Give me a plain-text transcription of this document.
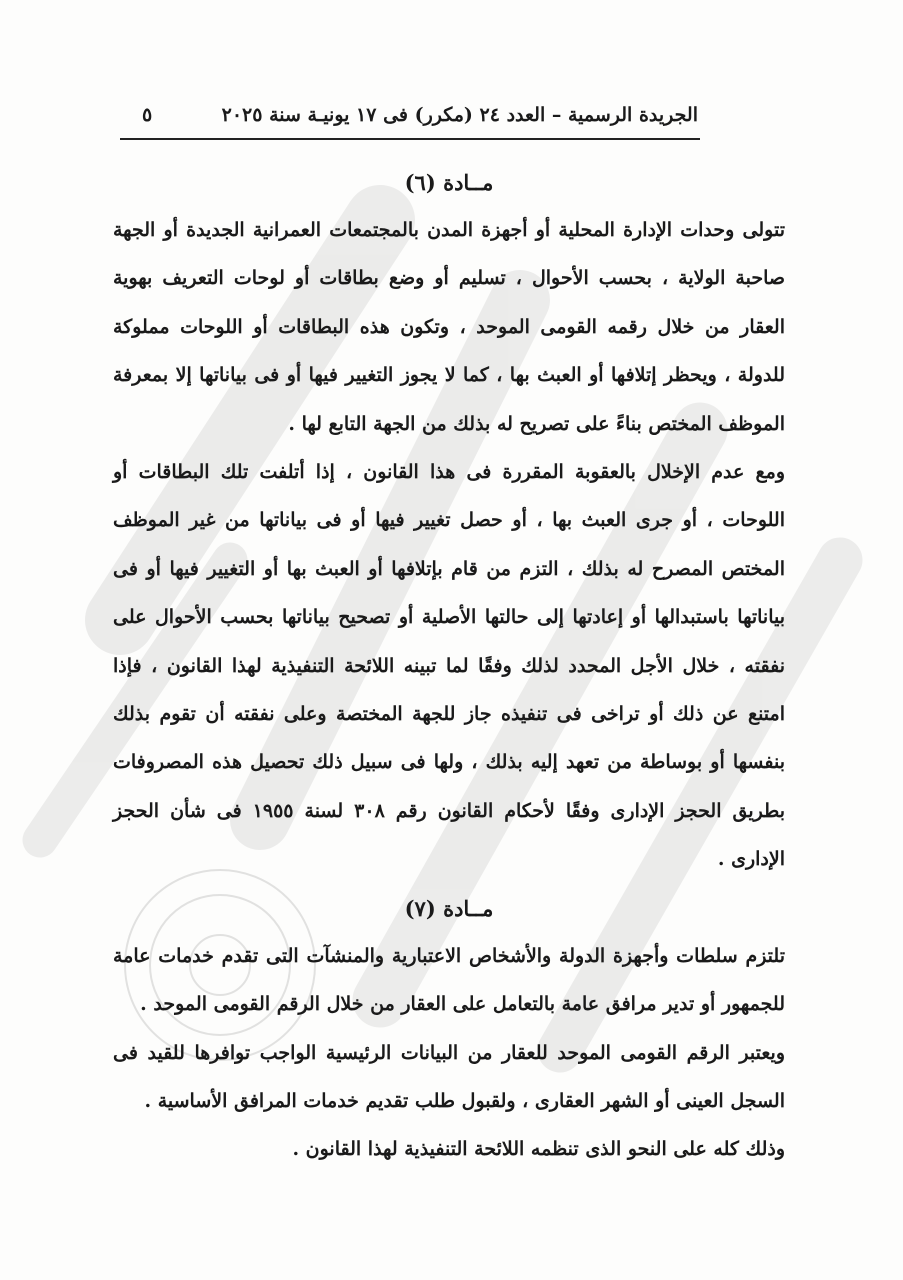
الجريدة الرسمية – العدد ٢٤ (مكرر) فى ١٧ يونيـة سنة ٢٠٢٥
٥
مــادة (٦)

تتولى وحدات الإدارة المحلية أو أجهزة المدن بالمجتمعات العمرانية الجديدة أو الجهة صاحبة الولاية ، بحسب الأحوال ، تسليم أو وضع بطاقات أو لوحات التعريف بهوية العقار من خلال رقمه القومى الموحد ، وتكون هذه البطاقات أو اللوحات مملوكة للدولة ، ويحظر إتلافها أو العبث بها ، كما لا يجوز التغيير فيها أو فى بياناتها إلا بمعرفة الموظف المختص بناءً على تصريح له بذلك من الجهة التابع لها .

ومع عدم الإخلال بالعقوبة المقررة فى هذا القانون ، إذا أتلفت تلك البطاقات أو اللوحات ، أو جرى العبث بها ، أو حصل تغيير فيها أو فى بياناتها من غير الموظف المختص المصرح له بذلك ، التزم من قام بإتلافها أو العبث بها أو التغيير فيها أو فى بياناتها باستبدالها أو إعادتها إلى حالتها الأصلية أو تصحيح بياناتها بحسب الأحوال على نفقته ، خلال الأجل المحدد لذلك وفقًا لما تبينه اللائحة التنفيذية لهذا القانون ، فإذا امتنع عن ذلك أو تراخى فى تنفيذه جاز للجهة المختصة وعلى نفقته أن تقوم بذلك بنفسها أو بوساطة من تعهد إليه بذلك ، ولها فى سبيل ذلك تحصيل هذه المصروفات بطريق الحجز الإدارى وفقًا لأحكام القانون رقم ٣٠٨ لسنة ١٩٥٥ فى شأن الحجز الإدارى .

مــادة (٧)

تلتزم سلطات وأجهزة الدولة والأشخاص الاعتبارية والمنشآت التى تقدم خدمات عامة للجمهور أو تدير مرافق عامة بالتعامل على العقار من خلال الرقم القومى الموحد .

ويعتبر الرقم القومى الموحد للعقار من البيانات الرئيسية الواجب توافرها للقيد فى السجل العينى أو الشهر العقارى ، ولقبول طلب تقديم خدمات المرافق الأساسية .

وذلك كله على النحو الذى تنظمه اللائحة التنفيذية لهذا القانون .
